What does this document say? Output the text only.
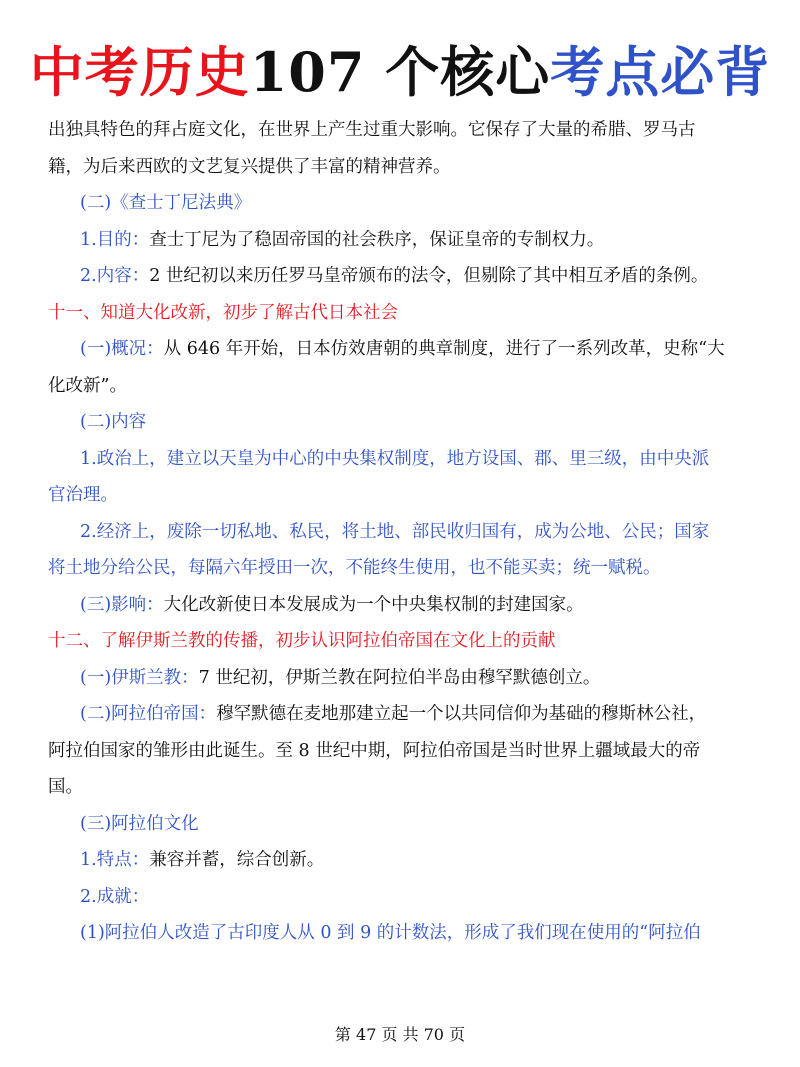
中考历史107 个核心考点必背
出独具特色的拜占庭文化，在世界上产生过重大影响。它保存了大量的希腊、罗马古
籍，为后来西欧的文艺复兴提供了丰富的精神营养。
(二)《查士丁尼法典》
1.目的：查士丁尼为了稳固帝国的社会秩序，保证皇帝的专制权力。
2.内容：2 世纪初以来历任罗马皇帝颁布的法令，但剔除了其中相互矛盾的条例。
十一、知道大化改新，初步了解古代日本社会
(一)概况：从 646 年开始，日本仿效唐朝的典章制度，进行了一系列改革，史称“大
化改新”。
(二)内容
1.政治上，建立以天皇为中心的中央集权制度，地方设国、郡、里三级，由中央派
官治理。
2.经济上，废除一切私地、私民，将土地、部民收归国有，成为公地、公民；国家
将土地分给公民，每隔六年授田一次，不能终生使用，也不能买卖；统一赋税。
(三)影响：大化改新使日本发展成为一个中央集权制的封建国家。
十二、了解伊斯兰教的传播，初步认识阿拉伯帝国在文化上的贡献
(一)伊斯兰教：7 世纪初，伊斯兰教在阿拉伯半岛由穆罕默德创立。
(二)阿拉伯帝国：穆罕默德在麦地那建立起一个以共同信仰为基础的穆斯林公社，
阿拉伯国家的雏形由此诞生。至 8 世纪中期，阿拉伯帝国是当时世界上疆域最大的帝
国。
(三)阿拉伯文化
1.特点：兼容并蓄，综合创新。
2.成就：
(1)阿拉伯人改造了古印度人从 0 到 9 的计数法，形成了我们现在使用的“阿拉伯
第 47 页 共 70 页
